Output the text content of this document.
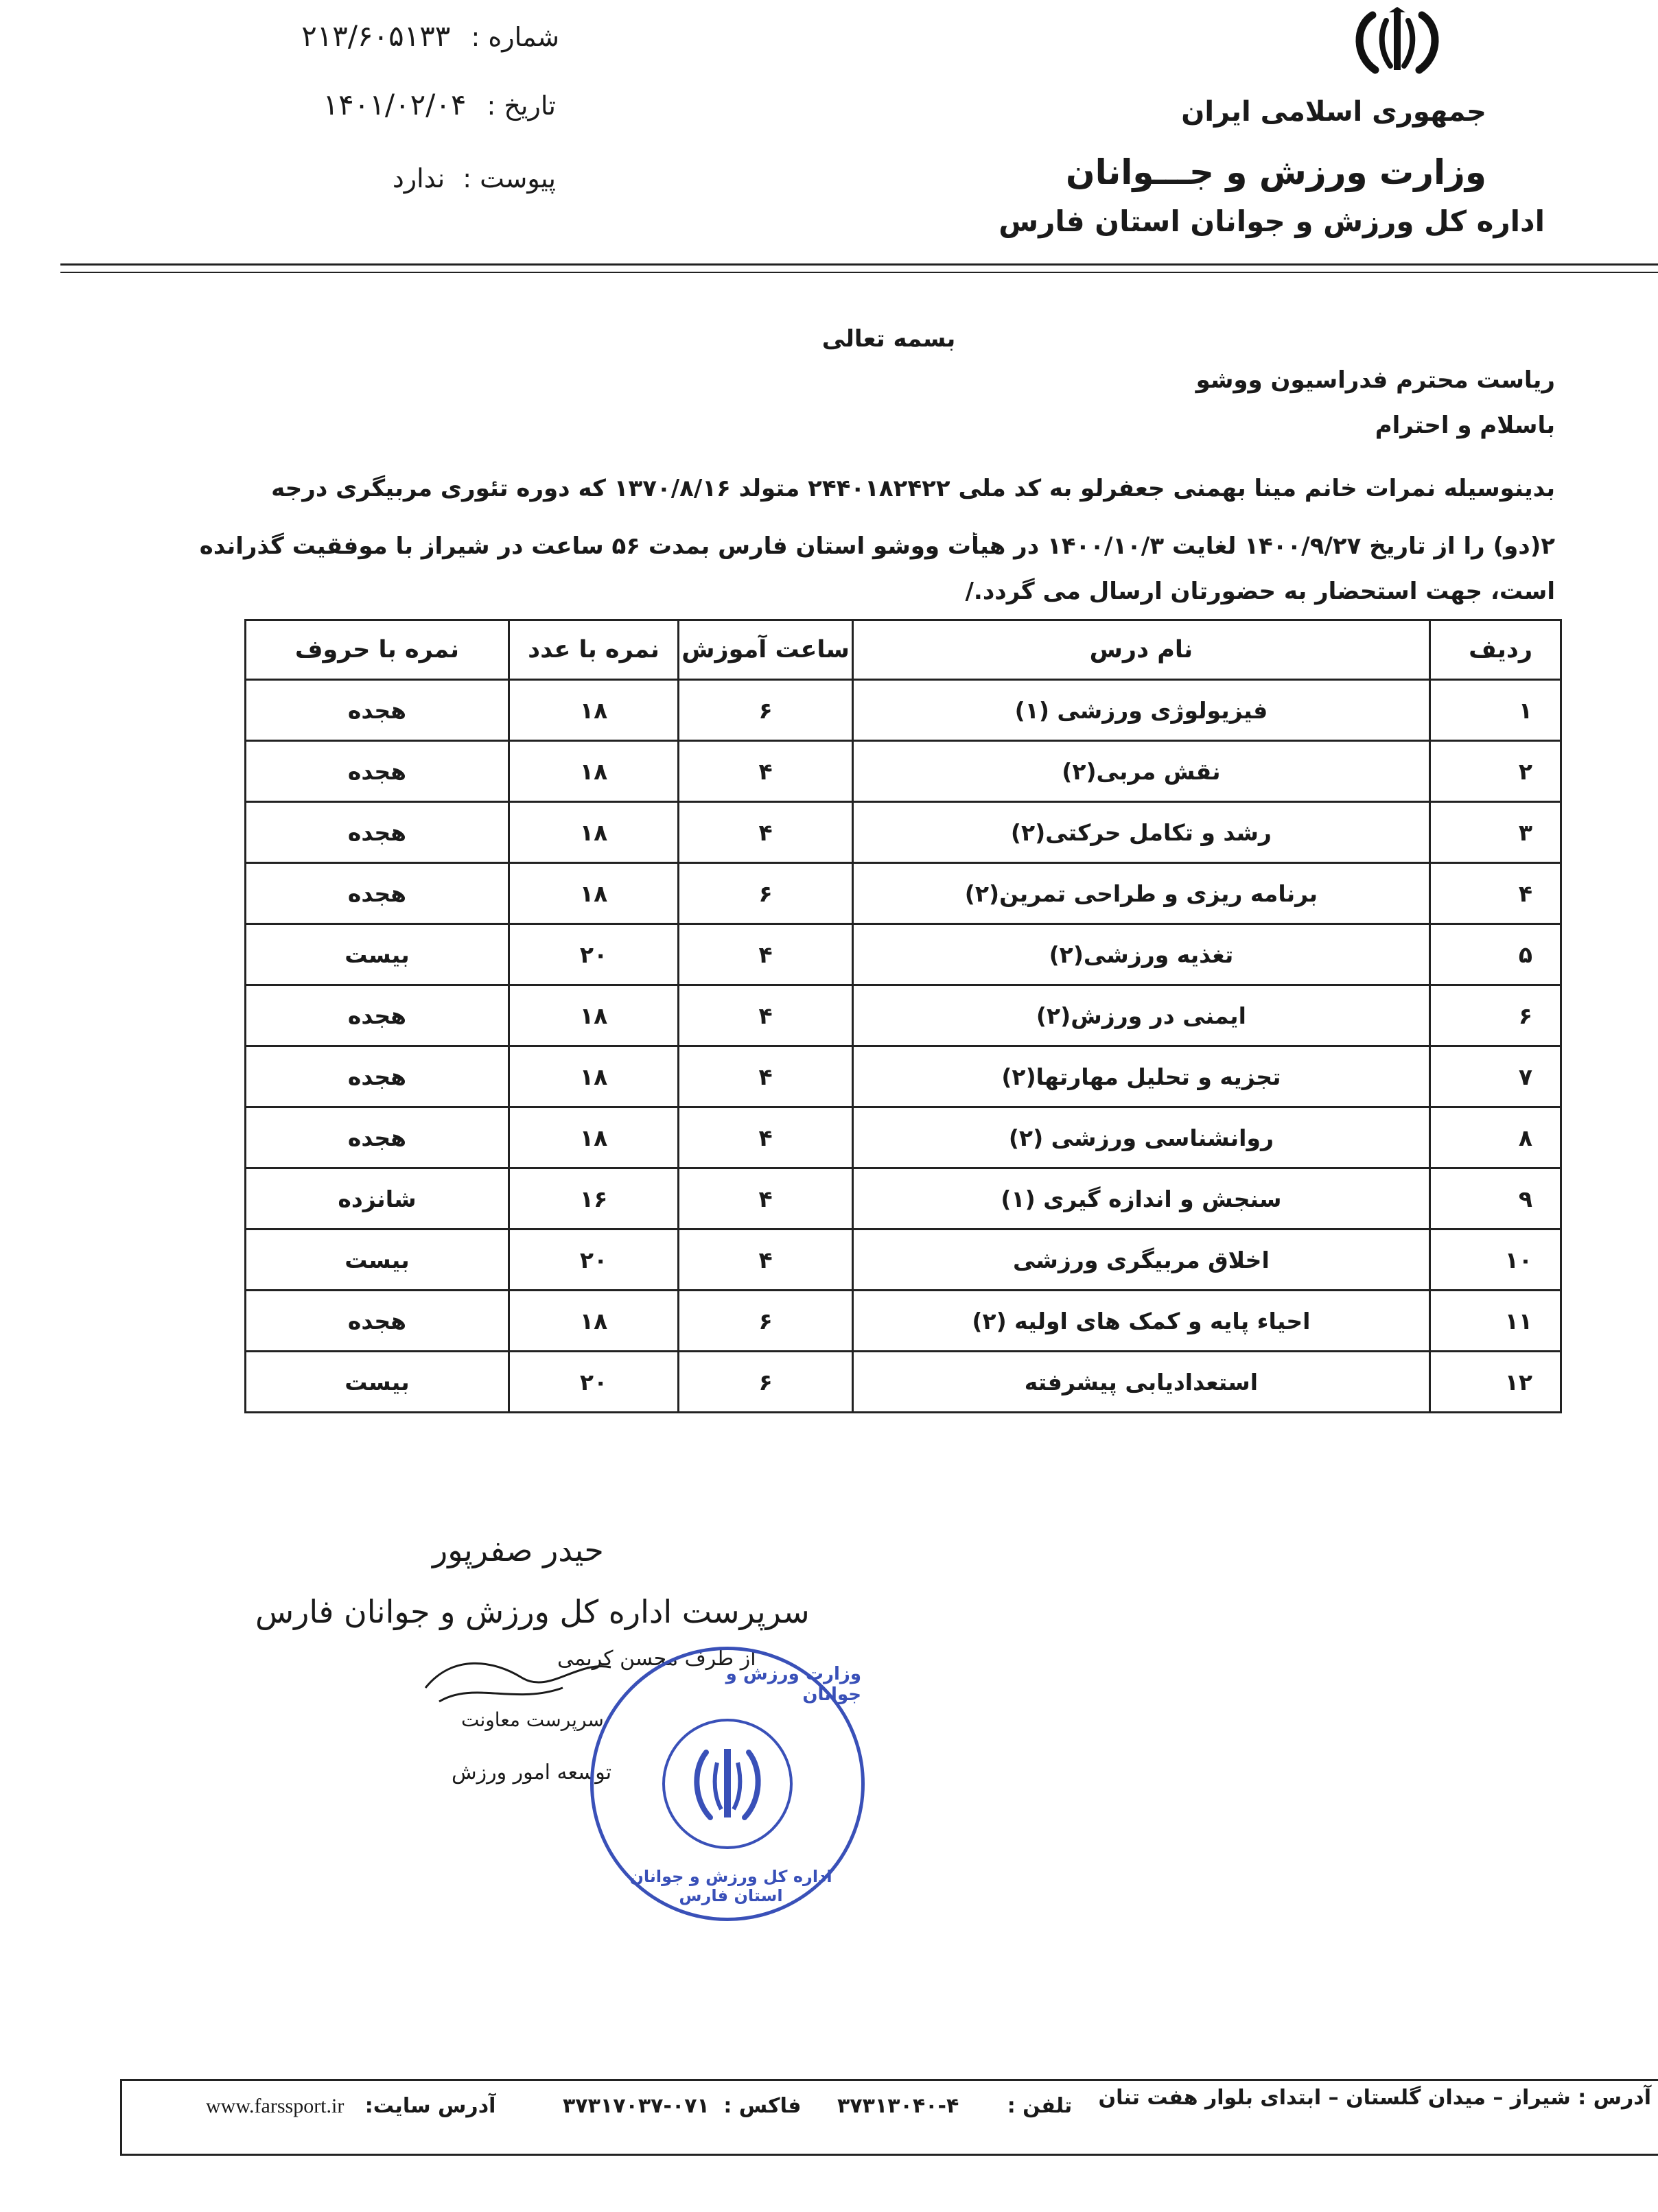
شماره : ۲۱۳/۶۰۵۱۳۳
تاریخ : ۱۴۰۱/۰۲/۰۴
پیوست : ندارد
جمهوری اسلامی ایران
وزارت ورزش و جـــوانان
اداره کل ورزش و جوانان استان فارس
بسمه تعالی
ریاست محترم فدراسیون ووشو
باسلام و احترام
بدینوسیله نمرات خانم مینا بهمنی جعفرلو به کد ملی ۲۴۴۰۱۸۲۴۲۲ متولد ۱۳۷۰/۸/۱۶ که دوره تئوری مربیگری درجه
۲(دو) را از تاریخ ۱۴۰۰/۹/۲۷ لغایت ۱۴۰۰/۱۰/۳ در هیأت ووشو استان فارس بمدت ۵۶ ساعت در شیراز با موفقیت گذرانده
است، جهت استحضار به حضورتان ارسال می گردد./
ردیف	نام درس	ساعت آموزش	نمره با عدد	نمره با حروف
۱	فیزیولوژی ورزشی (۱)	۶	۱۸	هجده
۲	نقش مربی(۲)	۴	۱۸	هجده
۳	رشد و تکامل حرکتی(۲)	۴	۱۸	هجده
۴	برنامه ریزی و طراحی تمرین(۲)	۶	۱۸	هجده
۵	تغذیه ورزشی(۲)	۴	۲۰	بیست
۶	ایمنی در ورزش(۲)	۴	۱۸	هجده
۷	تجزیه و تحلیل مهارتها(۲)	۴	۱۸	هجده
۸	روانشناسی ورزشی (۲)	۴	۱۸	هجده
۹	سنجش و اندازه گیری (۱)	۴	۱۶	شانزده
۱۰	اخلاق مربیگری ورزشی	۴	۲۰	بیست
۱۱	احیاء پایه و کمک های اولیه (۲)	۶	۱۸	هجده
۱۲	استعدادیابی پیشرفته	۶	۲۰	بیست
حیدر صفرپور
سرپرست اداره کل ورزش و جوانان فارس
از طرف محسن کریمی
سرپرست معاونت
توسعه امور ورزش
وزارت ورزش و جوانان
اداره کل ورزش و جوانان استان فارس
آدرس : شیراز – میدان گلستان – ابتدای بلوار هفت تنان
تلفن : ۴-۳۷۳۱۳۰۴۰
فاکس : ۰۷۱-۳۷۳۱۷۰۳۷
آدرس سایت: www.farssport.ir
